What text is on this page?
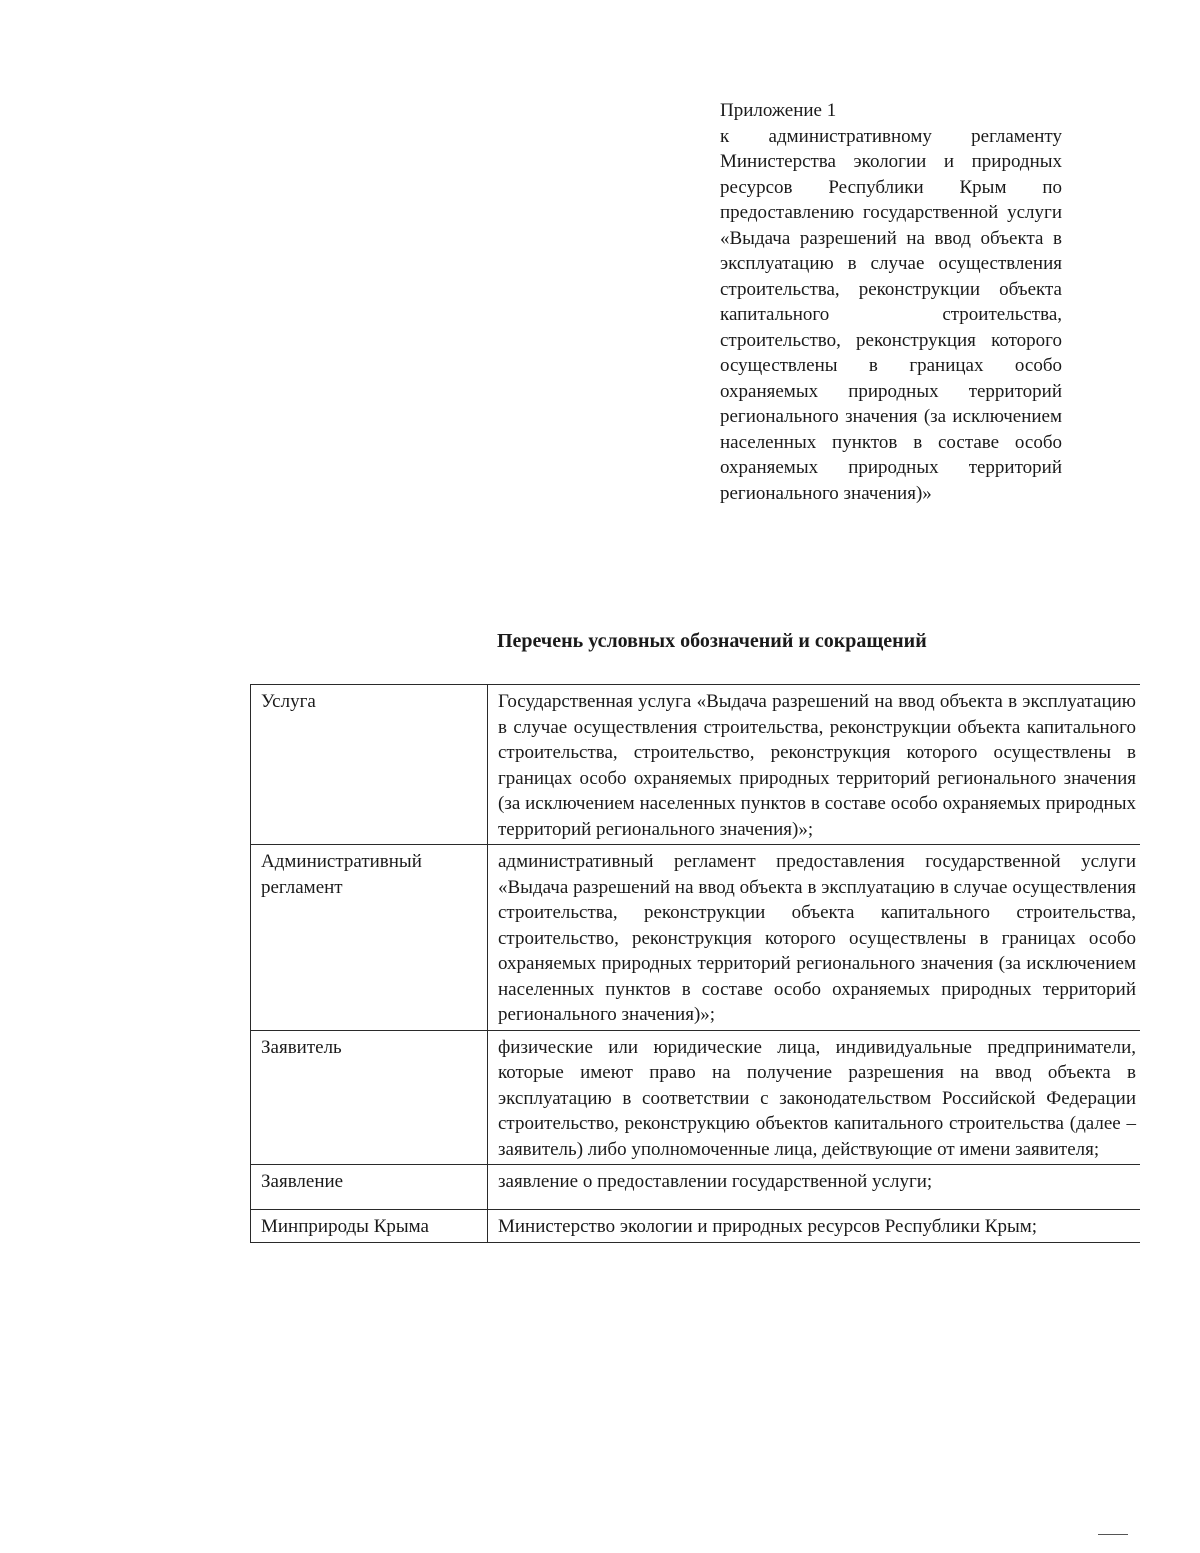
Приложение 1
к административному регламенту Министерства экологии и природных ресурсов Республики Крым по предоставлению государственной услуги «Выдача разрешений на ввод объекта в эксплуатацию в случае осуществления строительства, реконструкции объекта капитального строительства, строительство, реконструкция которого осуществлены в границах особо охраняемых природных территорий регионального значения (за исключением населенных пунктов в составе особо охраняемых природных территорий регионального значения)»
Перечень условных обозначений и сокращений
Услуга	Государственная услуга «Выдача разрешений на ввод объекта в эксплуатацию в случае осуществления строительства, реконструкции объекта капитального строительства, строительство, реконструкция которого осуществлены в границах особо охраняемых природных территорий регионального значения (за исключением населенных пунктов в составе особо охраняемых природных территорий регионального значения)»;
Административный регламент	административный регламент предоставления государственной услуги «Выдача разрешений на ввод объекта в эксплуатацию в случае осуществления строительства, реконструкции объекта капитального строительства, строительство, реконструкция которого осуществлены в границах особо охраняемых природных территорий регионального значения (за исключением населенных пунктов в составе особо охраняемых природных территорий регионального значения)»;
Заявитель	физические или юридические лица, индивидуальные предприниматели, которые имеют право на получение разрешения на ввод объекта в эксплуатацию в соответствии с законодательством Российской Федерации строительство, реконструкцию объектов капитального строительства (далее – заявитель) либо уполномоченные лица, действующие от имени заявителя;
Заявление	заявление о предоставлении государственной услуги;
Минприроды Крыма	Министерство экологии и природных ресурсов Республики Крым;
